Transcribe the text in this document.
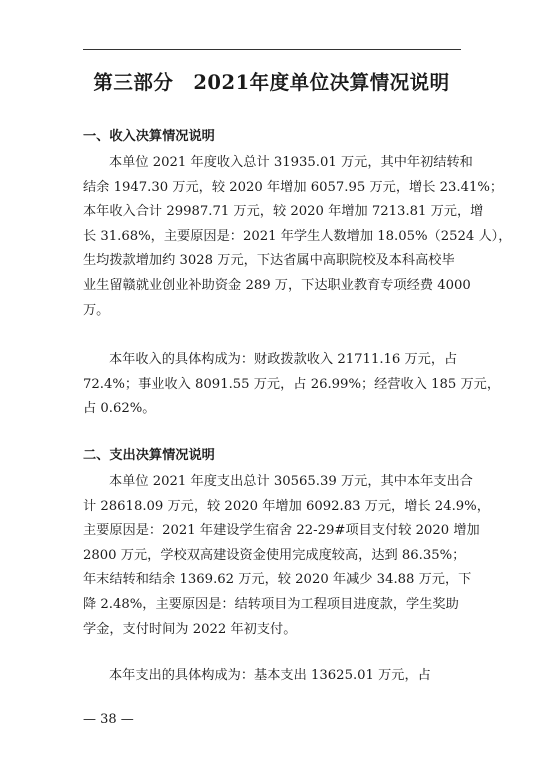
第三部分　2021年度单位决算情况说明
一、收入决算情况说明
本单位 2021 年度收入总计 31935.01 万元，其中年初结转和
结余 1947.30 万元，较 2020 年增加 6057.95 万元，增长 23.41%；
本年收入合计 29987.71 万元，较 2020 年增加 7213.81 万元，增
长 31.68%，主要原因是：2021 年学生人数增加 18.05%（2524 人），
生均拨款增加约 3028 万元，下达省属中高职院校及本科高校毕
业生留赣就业创业补助资金 289 万，下达职业教育专项经费 4000
万。
本年收入的具体构成为：财政拨款收入 21711.16 万元，占
72.4%；事业收入 8091.55 万元，占 26.99%；经营收入 185 万元，
占 0.62%。
二、支出决算情况说明
本单位 2021 年度支出总计 30565.39 万元，其中本年支出合
计 28618.09 万元，较 2020 年增加 6092.83 万元，增长 24.9%，
主要原因是：2021 年建设学生宿舍 22-29#项目支付较 2020 增加
2800 万元，学校双高建设资金使用完成度较高，达到 86.35%；
年末结转和结余 1369.62 万元，较 2020 年减少 34.88 万元，下
降 2.48%，主要原因是：结转项目为工程项目进度款，学生奖助
学金，支付时间为 2022 年初支付。
本年支出的具体构成为：基本支出 13625.01 万元，占
— 38 —
